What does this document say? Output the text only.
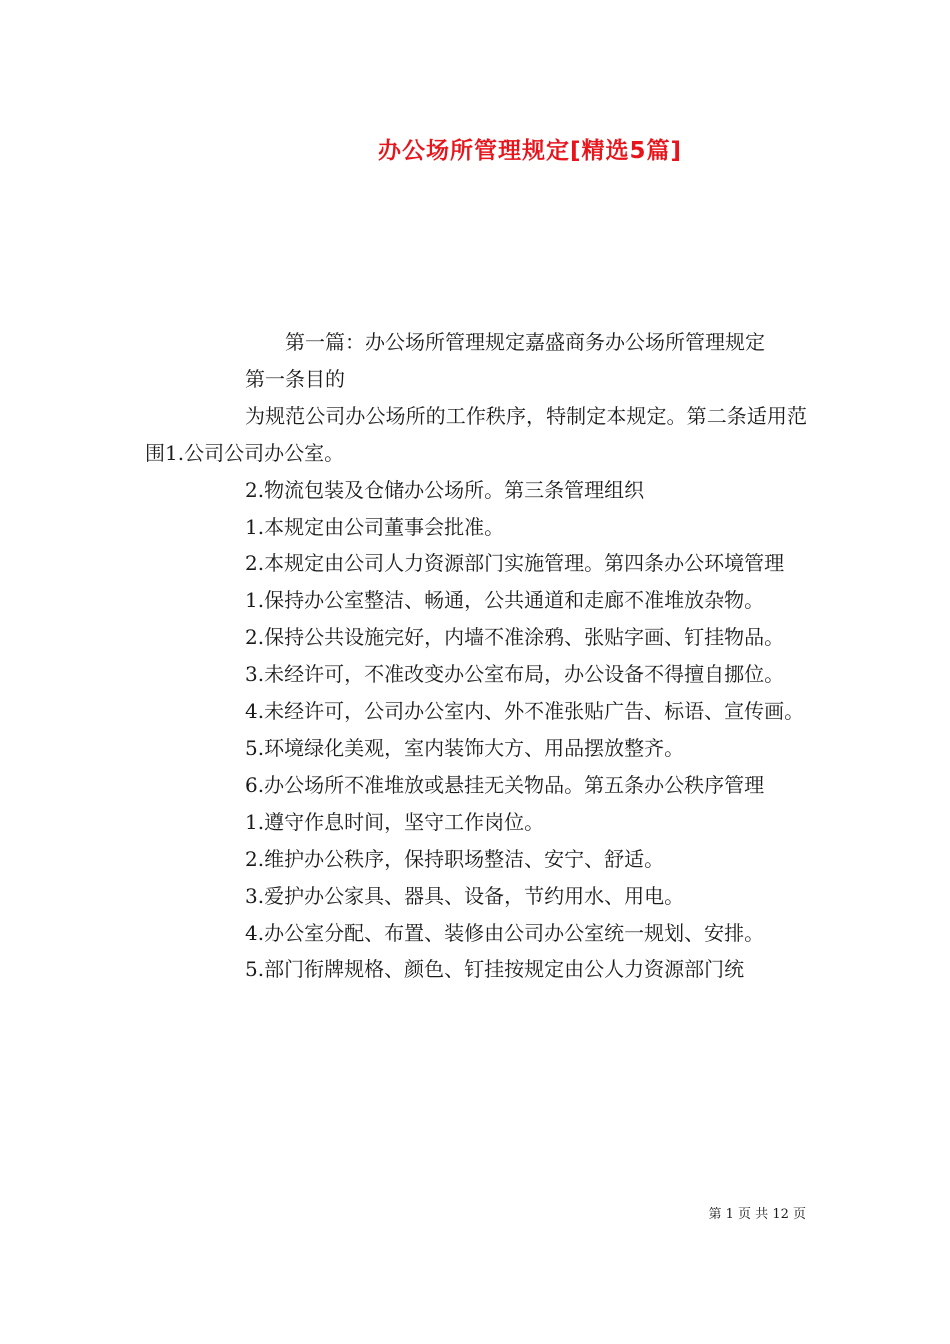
办公场所管理规定[精选5篇]

第一篇：办公场所管理规定嘉盛商务办公场所管理规定

第一条目的

为规范公司办公场所的工作秩序，特制定本规定。第二条适用范围1.公司公司办公室。

2.物流包装及仓储办公场所。第三条管理组织

1.本规定由公司董事会批准。

2.本规定由公司人力资源部门实施管理。第四条办公环境管理

1.保持办公室整洁、畅通，公共通道和走廊不准堆放杂物。

2.保持公共设施完好，内墙不准涂鸦、张贴字画、钉挂物品。

3.未经许可，不准改变办公室布局，办公设备不得擅自挪位。

4.未经许可，公司办公室内、外不准张贴广告、标语、宣传画。

5.环境绿化美观，室内装饰大方、用品摆放整齐。

6.办公场所不准堆放或悬挂无关物品。第五条办公秩序管理

1.遵守作息时间，坚守工作岗位。

2.维护办公秩序，保持职场整洁、安宁、舒适。

3.爱护办公家具、器具、设备，节约用水、用电。

4.办公室分配、布置、装修由公司办公室统一规划、安排。

5.部门衔牌规格、颜色、钉挂按规定由公人力资源部门统

第 1 页 共 12 页
